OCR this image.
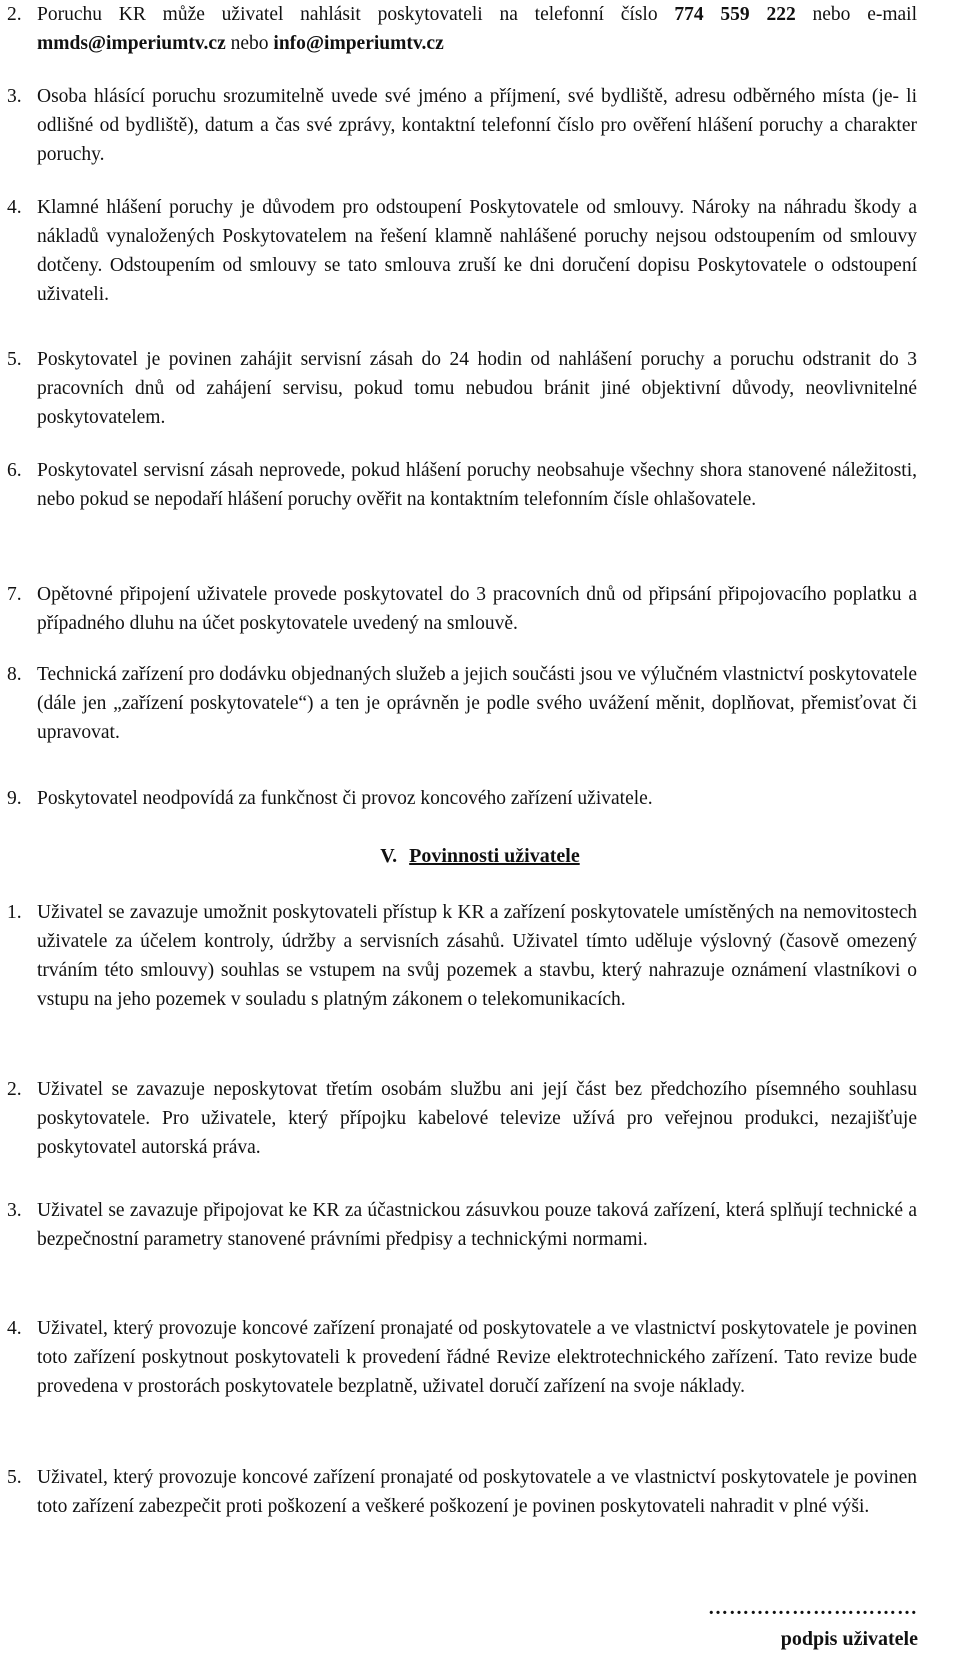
2. Poruchu KR může uživatel nahlásit poskytovateli na telefonní číslo 774 559 222 nebo e-mail mmds@imperiumtv.cz nebo info@imperiumtv.cz
3. Osoba hlásící poruchu srozumitelně uvede své jméno a příjmení, své bydliště, adresu odběrného místa (je- li odlišné od bydliště), datum a čas své zprávy, kontaktní telefonní číslo pro ověření hlášení poruchy a charakter poruchy.
4. Klamné hlášení poruchy je důvodem pro odstoupení Poskytovatele od smlouvy. Nároky na náhradu škody a nákladů vynaložených Poskytovatelem na řešení klamně nahlášené poruchy nejsou odstoupením od smlouvy dotčeny. Odstoupením od smlouvy se tato smlouva zruší ke dni doručení dopisu Poskytovatele o odstoupení uživateli.
5. Poskytovatel je povinen zahájit servisní zásah do 24 hodin od nahlášení poruchy a poruchu odstranit do 3 pracovních dnů od zahájení servisu, pokud tomu nebudou bránit jiné objektivní důvody, neovlivnitelné poskytovatelem.
6. Poskytovatel servisní zásah neprovede, pokud hlášení poruchy neobsahuje všechny shora stanovené náležitosti, nebo pokud se nepodaří hlášení poruchy ověřit na kontaktním telefonním čísle ohlašovatele.
7. Opětovné připojení uživatele provede poskytovatel do 3 pracovních dnů od připsání připojovacího poplatku a případného dluhu na účet poskytovatele uvedený na smlouvě.
8. Technická zařízení pro dodávku objednaných služeb a jejich součásti jsou ve výlučném vlastnictví poskytovatele (dále jen „zařízení poskytovatele“) a ten je oprávněn je podle svého uvážení měnit, doplňovat, přemisťovat či upravovat.
9. Poskytovatel neodpovídá za funkčnost či provoz koncového zařízení uživatele.
V. Povinnosti uživatele
1. Uživatel se zavazuje umožnit poskytovateli přístup k KR a zařízení poskytovatele umístěných na nemovitostech uživatele za účelem kontroly, údržby a servisních zásahů. Uživatel tímto uděluje výslovný (časově omezený trváním této smlouvy) souhlas se vstupem na svůj pozemek a stavbu, který nahrazuje oznámení vlastníkovi o vstupu na jeho pozemek v souladu s platným zákonem o telekomunikacích.
2. Uživatel se zavazuje neposkytovat třetím osobám službu ani její část bez předchozího písemného souhlasu poskytovatele. Pro uživatele, který přípojku kabelové televize užívá pro veřejnou produkci, nezajišťuje poskytovatel autorská práva.
3. Uživatel se zavazuje připojovat ke KR za účastnickou zásuvkou pouze taková zařízení, která splňují technické a bezpečnostní parametry stanovené právními předpisy a technickými normami.
4. Uživatel, který provozuje koncové zařízení pronajaté od poskytovatele a ve vlastnictví poskytovatele je povinen toto zařízení poskytnout poskytovateli k provedení řádné Revize elektrotechnického zařízení. Tato revize bude provedena v prostorách poskytovatele bezplatně, uživatel doručí zařízení na svoje náklady.
5. Uživatel, který provozuje koncové zařízení pronajaté od poskytovatele a ve vlastnictví poskytovatele je povinen toto zařízení zabezpečit proti poškození a veškeré poškození je povinen poskytovateli nahradit v plné výši.
…………………………
podpis uživatele
